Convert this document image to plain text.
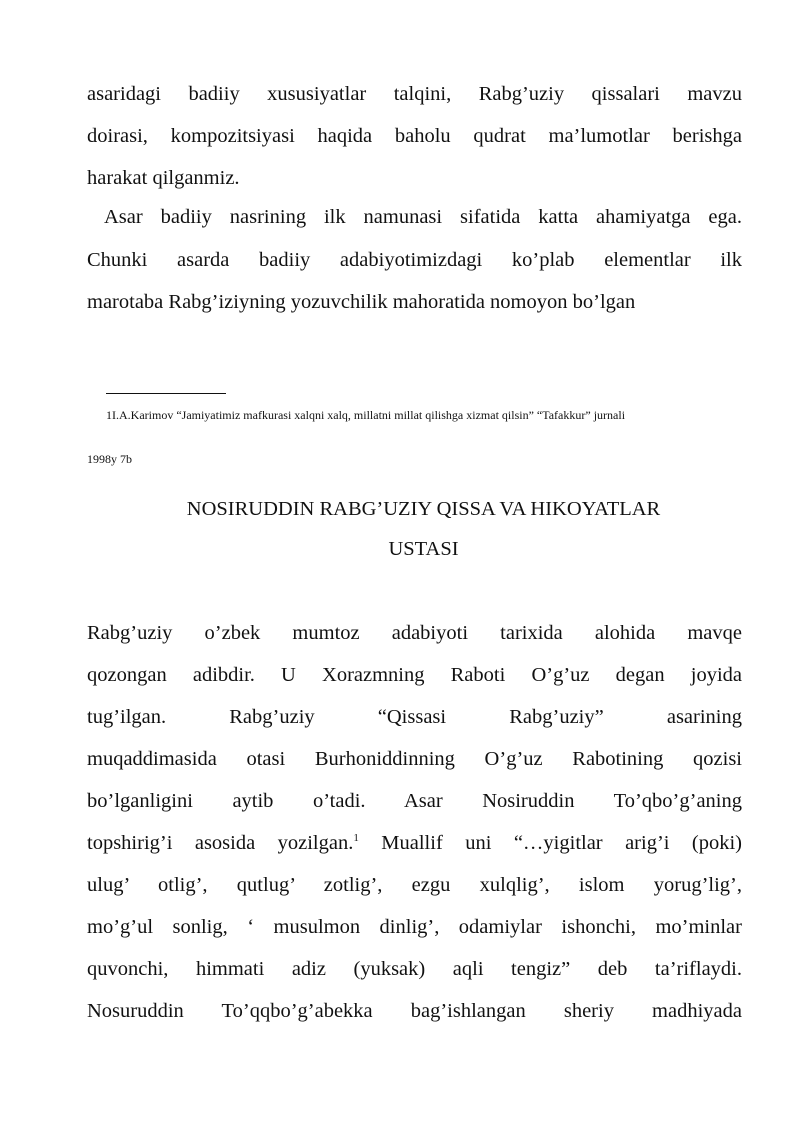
asaridagi badiiy xususiyatlar talqini, Rabg’uziy qissalari mavzu
doirasi, kompozitsiyasi haqida baholu qudrat ma’lumotlar berishga
harakat qilganmiz.
Asar badiiy nasrining ilk namunasi sifatida katta ahamiyatga ega.
Chunki asarda badiiy adabiyotimizdagi ko’plab elementlar ilk
marotaba Rabg’iziyning yozuvchilik mahoratida nomoyon bo’lgan
1I.A.Karimov “Jamiyatimiz mafkurasi xalqni xalq, millatni millat qilishga xizmat qilsin” “Tafakkur” jurnali
1998y 7b
NOSIRUDDIN RABG’UZIY QISSA VA HIKOYATLAR
USTASI
Rabg’uziy o’zbek mumtoz adabiyoti tarixida alohida mavqe
qozongan adibdir. U Xorazmning Raboti O’g’uz degan joyida
tug’ilgan. Rabg’uziy “Qissasi Rabg’uziy” asarining
muqaddimasida otasi Burhoniddinning O’g’uz Rabotining qozisi
bo’lganligini aytib o’tadi. Asar Nosiruddin To’qbo’g’aning
topshirig’i asosida yozilgan.$^1$ Muallif uni “…yigitlar arig’i (poki)
ulug’ otlig’, qutlug’ zotlig’, ezgu xulqlig’, islom yorug’lig’,
mo’g’ul sonlig, ‘ musulmon dinlig’, odamiylar ishonchi, mo’minlar
quvonchi, himmati adiz (yuksak) aqli tengiz” deb ta’riflaydi.
Nosuruddin To’qqbo’g’abekka bag’ishlangan sheriy madhiyada
